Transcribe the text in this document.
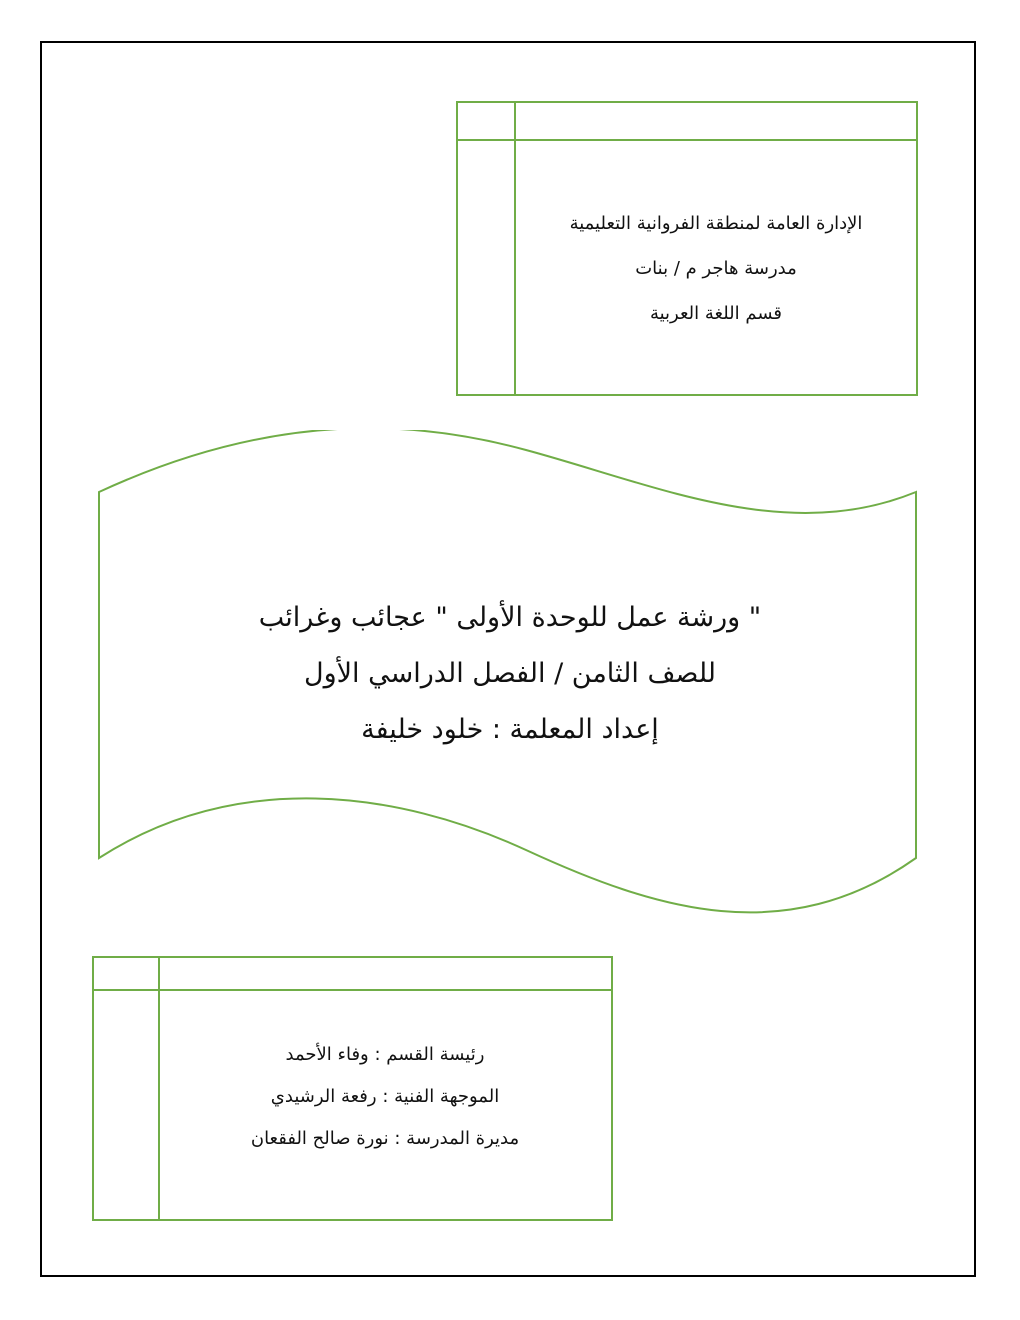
الإدارة العامة لمنطقة الفروانية التعليمية
مدرسة هاجر م / بنات
قسم اللغة العربية
" ورشة عمل للوحدة الأولى " عجائب وغرائب
للصف الثامن / الفصل الدراسي الأول
إعداد المعلمة : خلود خليفة
رئيسة القسم : وفاء الأحمد
الموجهة الفنية : رفعة الرشيدي
مديرة المدرسة : نورة صالح الفقعان
